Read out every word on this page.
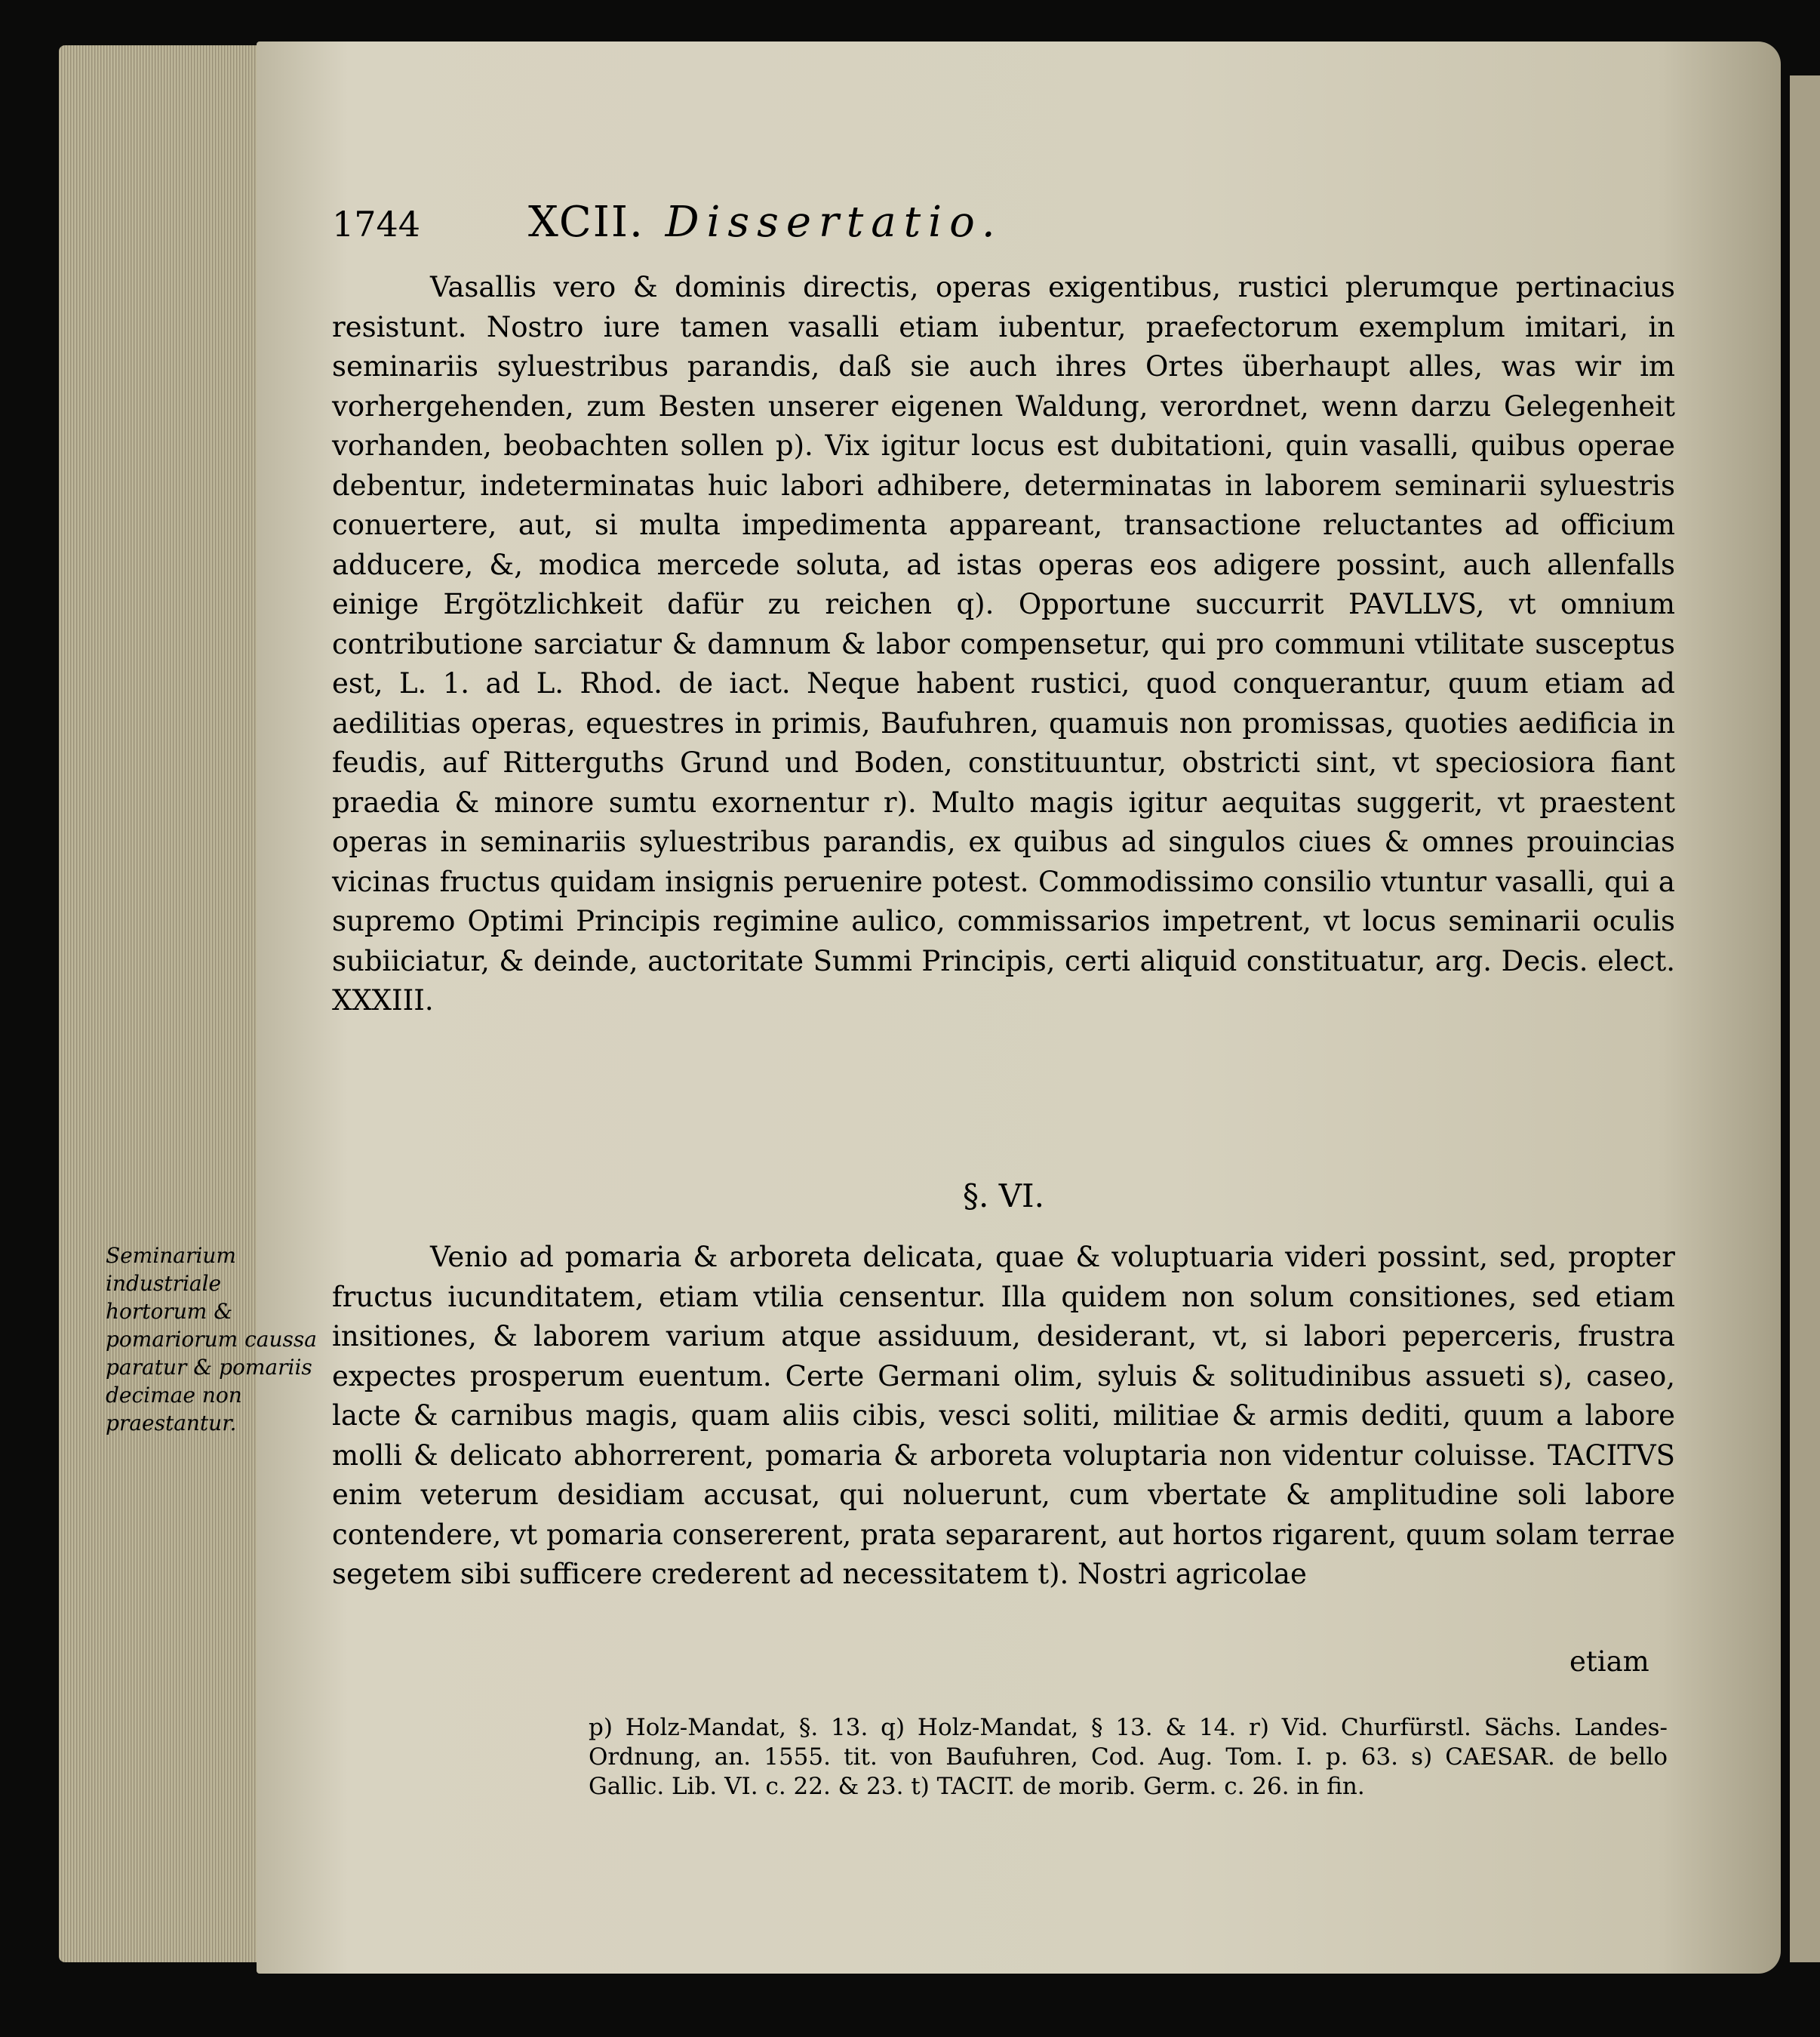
1744	XCII. Dissertatio.

Vasallis vero & dominis directis, operas exigentibus, rustici plerumque pertinacius resistunt. Nostro iure tamen vasalli etiam iubentur, praefectorum exemplum imitari, in seminariis syluestribus parandis, daß sie auch ihres Ortes überhaupt alles, was wir im vorhergehenden, zum Besten unserer eigenen Waldung, verordnet, wenn darzu Gelegenheit vorhanden, beobachten sollen p). Vix igitur locus est dubitationi, quin vasalli, quibus operae debentur, indeterminatas huic labori adhibere, determinatas in laborem seminarii syluestris conuertere, aut, si multa impedimenta appareant, transactione reluctantes ad officium adducere, &, modica mercede soluta, ad istas operas eos adigere possint, auch allenfalls einige Ergötzlichkeit dafür zu reichen q). Opportune succurrit PAVLLVS, vt omnium contributione sarciatur & damnum & labor compensetur, qui pro communi vtilitate susceptus est, L. 1. ad L. Rhod. de iact. Neque habent rustici, quod conquerantur, quum etiam ad aedilitias operas, equestres in primis, Baufuhren, quamuis non promissas, quoties aedificia in feudis, auf Ritterguths Grund und Boden, constituuntur, obstricti sint, vt speciosiora fiant praedia & minore sumtu exornentur r). Multo magis igitur aequitas suggerit, vt praestent operas in seminariis syluestribus parandis, ex quibus ad singulos ciues & omnes prouincias vicinas fructus quidam insignis peruenire potest. Commodissimo consilio vtuntur vasalli, qui a supremo Optimi Principis regimine aulico, commissarios impetrent, vt locus seminarii oculis subiiciatur, & deinde, auctoritate Summi Principis, certi aliquid constituatur, arg. Decis. elect. XXXIII.

§. VI.

Seminarium industriale hortorum & pomariorum caussa paratur & pomariis decimae non praestantur.

Venio ad pomaria & arboreta delicata, quae & voluptuaria videri possint, sed, propter fructus iucunditatem, etiam vtilia censentur. Illa quidem non solum consitiones, sed etiam insitiones, & laborem varium atque assiduum, desiderant, vt, si labori peperceris, frustra expectes prosperum euentum. Certe Germani olim, syluis & solitudinibus assueti s), caseo, lacte & carnibus magis, quam aliis cibis, vesci soliti, militiae & armis dediti, quum a labore molli & delicato abhorrerent, pomaria & arboreta voluptaria non videntur coluisse. TACITVS enim veterum desidiam accusat, qui noluerunt, cum vbertate & amplitudine soli labore contendere, vt pomaria consererent, prata separarent, aut hortos rigarent, quum solam terrae segetem sibi sufficere crederent ad necessitatem t). Nostri agricolae

etiam

p) Holz-Mandat, §. 13. q) Holz-Mandat, § 13. & 14. r) Vid. Churfürstl. Sächs. Landes-Ordnung, an. 1555. tit. von Baufuhren, Cod. Aug. Tom. I. p. 63. s) CAESAR. de bello Gallic. Lib. VI. c. 22. & 23. t) TACIT. de morib. Germ. c. 26. in fin.
